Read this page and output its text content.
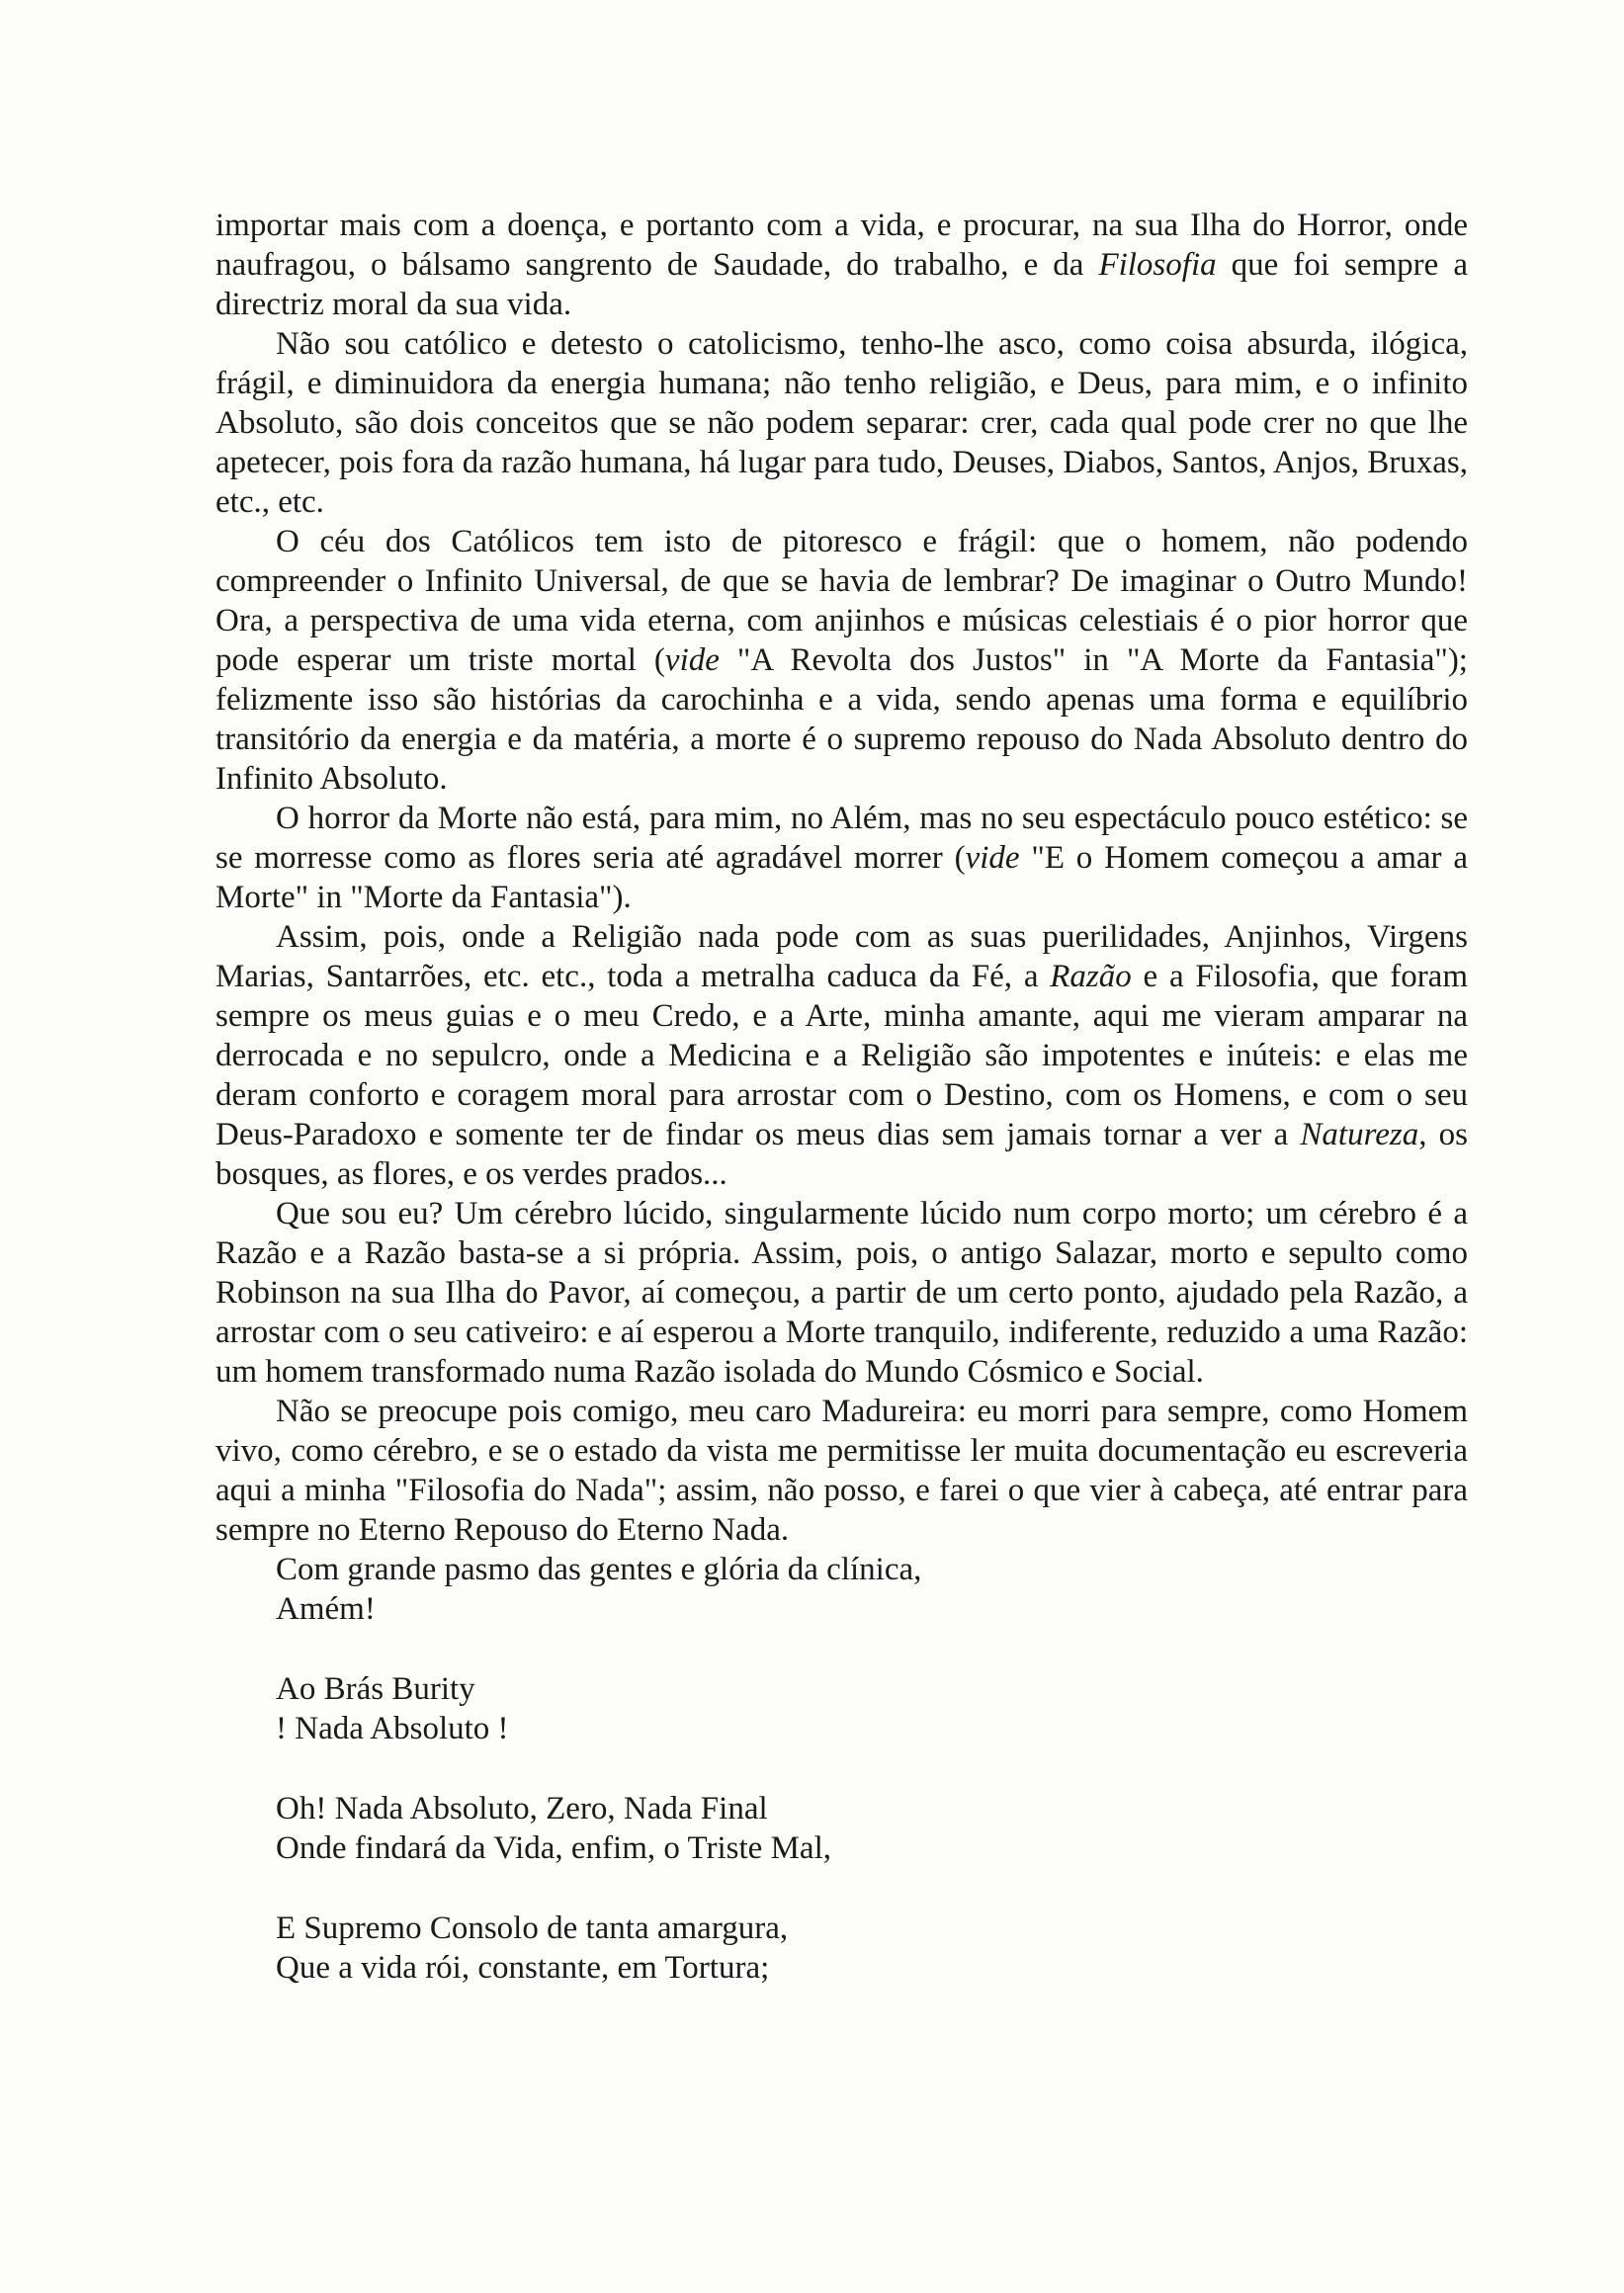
importar mais com a doença, e portanto com a vida, e procurar, na sua Ilha do Horror, onde naufragou, o bálsamo sangrento de Saudade, do trabalho, e da Filosofia que foi sempre a directriz moral da sua vida.

Não sou católico e detesto o catolicismo, tenho-lhe asco, como coisa absurda, ilógica, frágil, e diminuidora da energia humana; não tenho religião, e Deus, para mim, e o infinito Absoluto, são dois conceitos que se não podem separar: crer, cada qual pode crer no que lhe apetecer, pois fora da razão humana, há lugar para tudo, Deuses, Diabos, Santos, Anjos, Bruxas, etc., etc.

O céu dos Católicos tem isto de pitoresco e frágil: que o homem, não podendo compreender o Infinito Universal, de que se havia de lembrar? De imaginar o Outro Mundo! Ora, a perspectiva de uma vida eterna, com anjinhos e músicas celestiais é o pior horror que pode esperar um triste mortal (vide "A Revolta dos Justos" in "A Morte da Fantasia"); felizmente isso são histórias da carochinha e a vida, sendo apenas uma forma e equilíbrio transitório da energia e da matéria, a morte é o supremo repouso do Nada Absoluto dentro do Infinito Absoluto.

O horror da Morte não está, para mim, no Além, mas no seu espectáculo pouco estético: se se morresse como as flores seria até agradável morrer (vide "E o Homem começou a amar a Morte" in "Morte da Fantasia").

Assim, pois, onde a Religião nada pode com as suas puerilidades, Anjinhos, Virgens Marias, Santarrões, etc. etc., toda a metralha caduca da Fé, a Razão e a Filosofia, que foram sempre os meus guias e o meu Credo, e a Arte, minha amante, aqui me vieram amparar na derrocada e no sepulcro, onde a Medicina e a Religião são impotentes e inúteis: e elas me deram conforto e coragem moral para arrostar com o Destino, com os Homens, e com o seu Deus-Paradoxo e somente ter de findar os meus dias sem jamais tornar a ver a Natureza, os bosques, as flores, e os verdes prados...

Que sou eu? Um cérebro lúcido, singularmente lúcido num corpo morto; um cérebro é a Razão e a Razão basta-se a si própria. Assim, pois, o antigo Salazar, morto e sepulto como Robinson na sua Ilha do Pavor, aí começou, a partir de um certo ponto, ajudado pela Razão, a arrostar com o seu cativeiro: e aí esperou a Morte tranquilo, indiferente, reduzido a uma Razão: um homem transformado numa Razão isolada do Mundo Cósmico e Social.

Não se preocupe pois comigo, meu caro Madureira: eu morri para sempre, como Homem vivo, como cérebro, e se o estado da vista me permitisse ler muita documentação eu escreveria aqui a minha "Filosofia do Nada"; assim, não posso, e farei o que vier à cabeça, até entrar para sempre no Eterno Repouso do Eterno Nada.

Com grande pasmo das gentes e glória da clínica,

Amém!

Ao Brás Burity

! Nada Absoluto !

Oh! Nada Absoluto, Zero, Nada Final

Onde findará da Vida, enfim, o Triste Mal,

E Supremo Consolo de tanta amargura,

Que a vida rói, constante, em Tortura;
